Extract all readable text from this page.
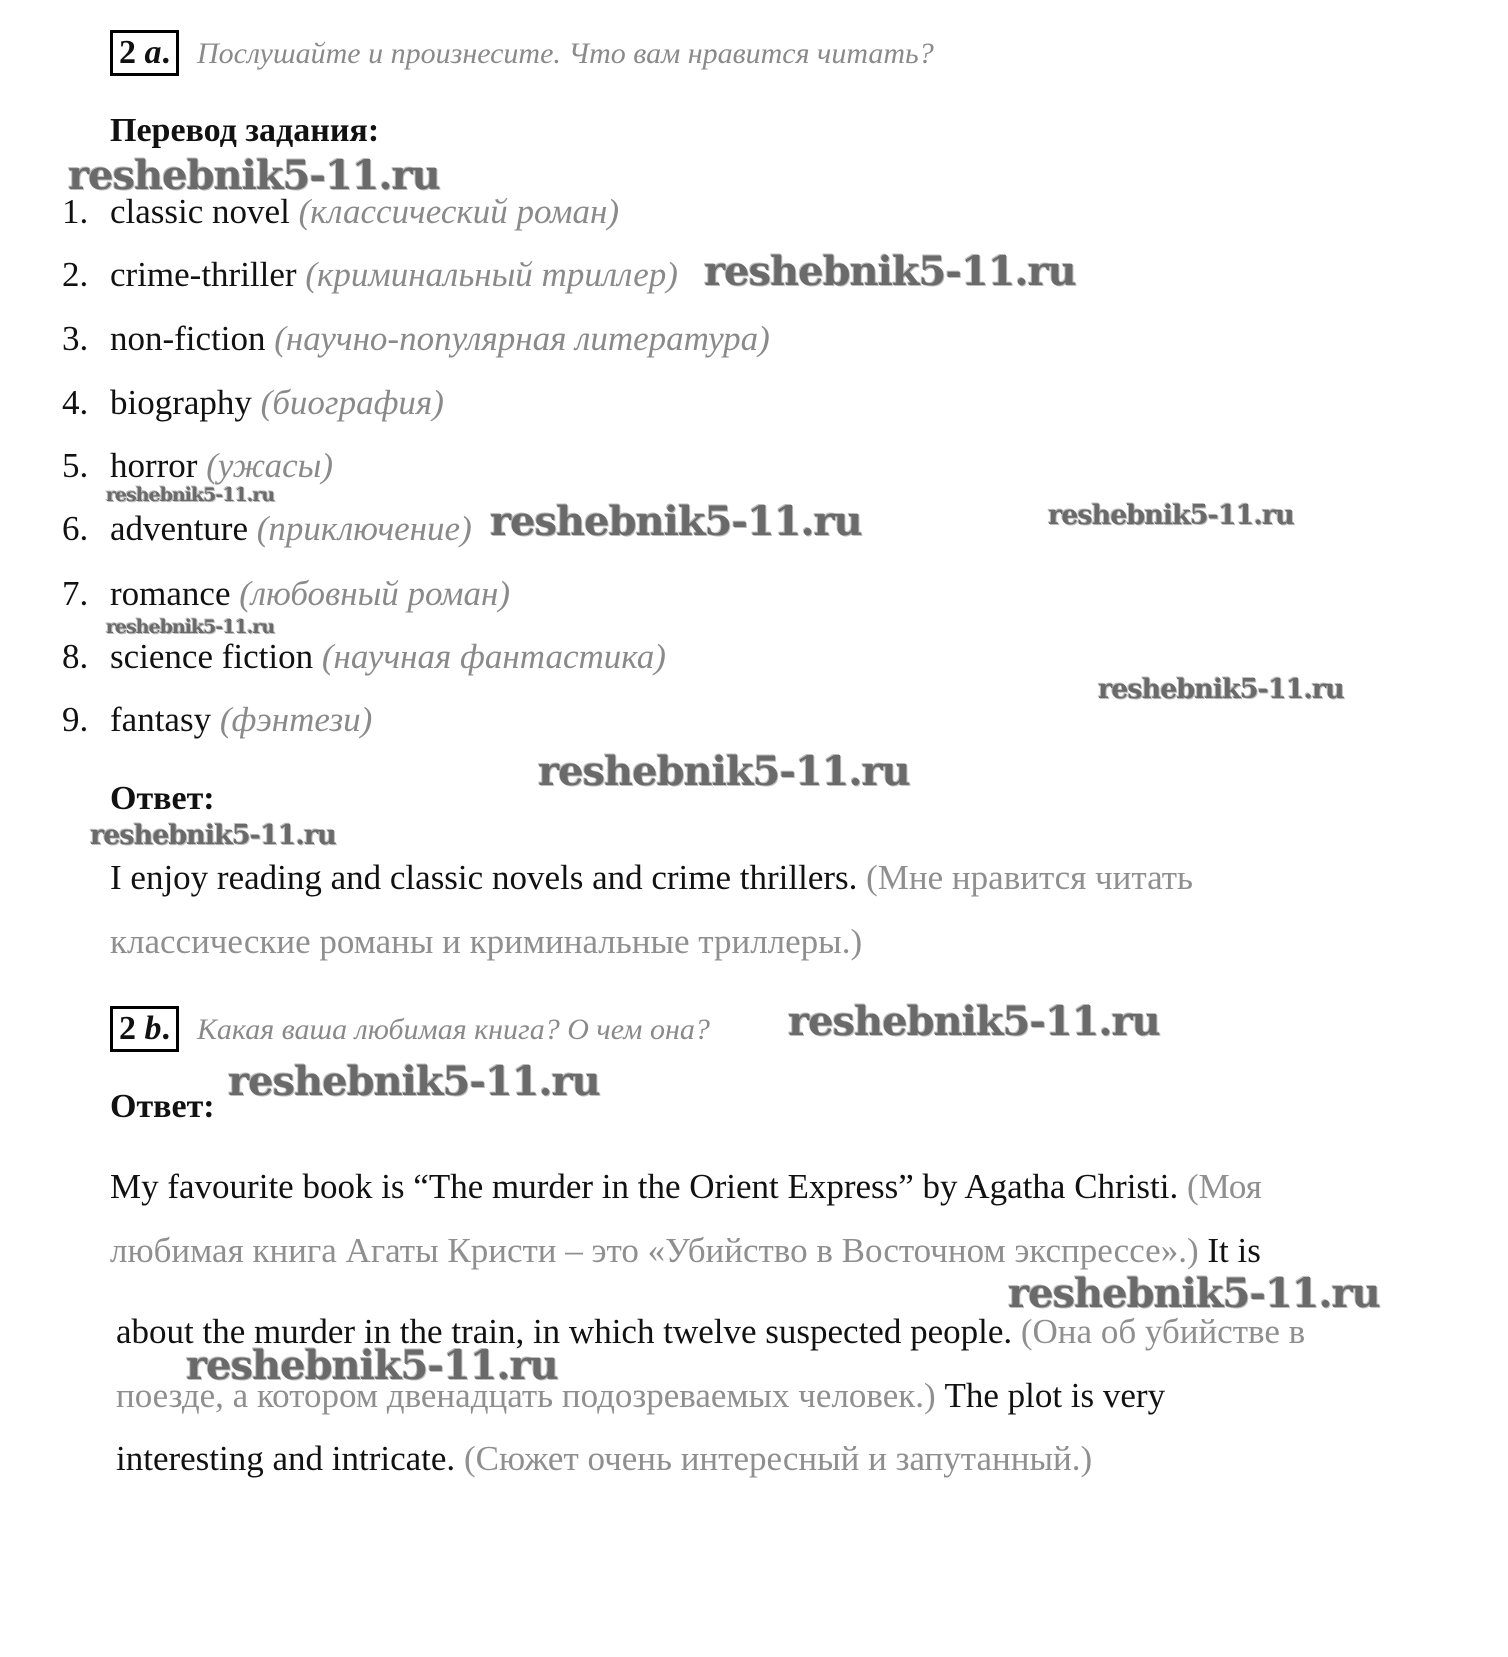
2 a. Послушайте и произнесите. Что вам нравится читать?
Перевод задания:
1. classic novel (классический роман)
2. crime-thriller (криминальный триллер)
3. non-fiction (научно-популярная литература)
4. biography (биография)
5. horror (ужасы)
6. adventure (приключение)
7. romance (любовный роман)
8. science fiction (научная фантастика)
9. fantasy (фэнтези)
Ответ:
I enjoy reading and classic novels and crime thrillers. (Мне нравится читать
классические романы и криминальные триллеры.)
2 b. Какая ваша любимая книга? О чем она?
Ответ:
My favourite book is “The murder in the Orient Express” by Agatha Christi. (Моя
любимая книга Агаты Кристи – это «Убийство в Восточном экспрессе».) It is
about the murder in the train, in which twelve suspected people. (Она об убийстве в
поезде, а котором двенадцать подозреваемых человек.) The plot is very
interesting and intricate. (Сюжет очень интересный и запутанный.)
reshebnik5-11.ru
reshebnik5-11.ru
reshebnik5-11.ru
reshebnik5-11.ru	reshebnik5-11.ru
reshebnik5-11.ru
reshebnik5-11.ru
reshebnik5-11.ru
reshebnik5-11.ru
reshebnik5-11.ru
reshebnik5-11.ru
reshebnik5-11.ru
reshebnik5-11.ru
